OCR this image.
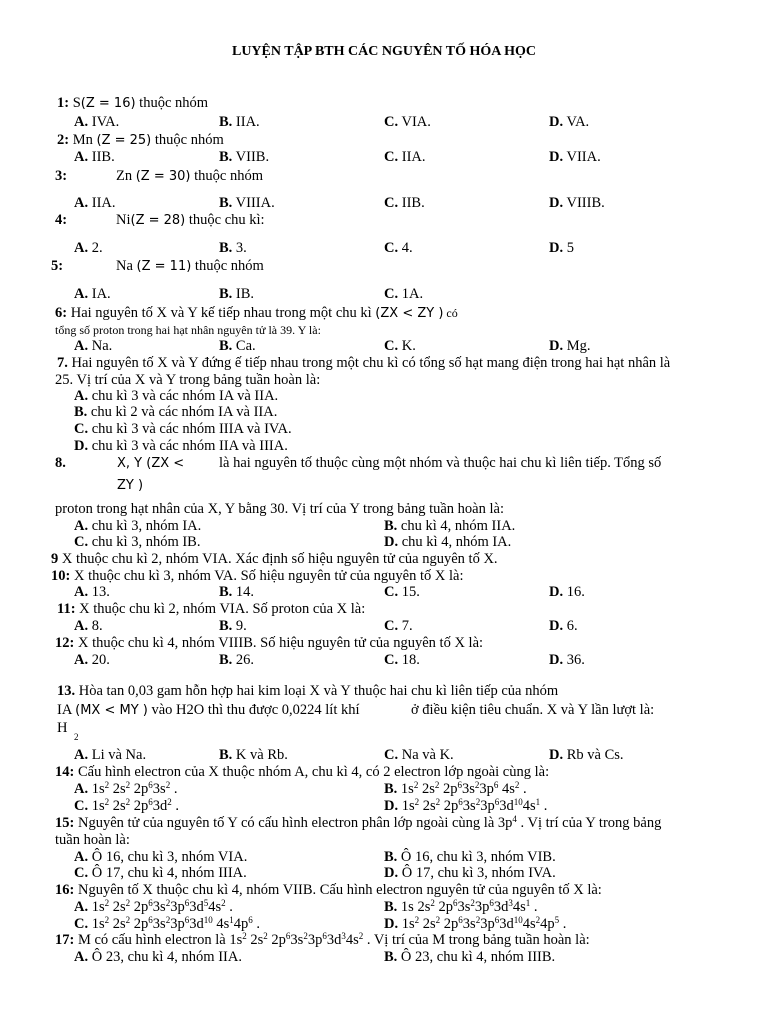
LUYỆN TẬP BTH CÁC NGUYÊN TỐ HÓA HỌC
1: S(Z = 16) thuộc nhóm
A. IVA.	B. IIA.	C. VIA.	D. VA.
2: Mn (Z = 25) thuộc nhóm
A. IIB.	B. VIIB.	C. IIA.	D. VIIA.
3:	Zn (Z = 30) thuộc nhóm
A. IIA.	B. VIIIA.	C. IIB.	D. VIIIB.
4:	Ni(Z = 28) thuộc chu kì:
A. 2.	B. 3.	C. 4.	D. 5
5:	Na (Z = 11) thuộc nhóm
A. IA.	B. IB.	C. 1A.
6: Hai nguyên tố X và Y kế tiếp nhau trong một chu kì (ZX < ZY ) có
tổng số proton trong hai hạt nhân nguyên tử là 39. Y là:
A. Na.	B. Ca.	C. K.	D. Mg.
7. Hai nguyên tố X và Y đứng ế tiếp nhau trong một chu kì có tổng số hạt mang điện trong hai hạt nhân là
25. Vị trí của X và Y trong bảng tuần hoàn là:
A. chu kì 3 và các nhóm IA và IIA.
B. chu kì 2 và các nhóm IA và IIA.
C. chu kì 3 và các nhóm IIIA và IVA.
D. chu kì 3 và các nhóm IIA và IIIA.
8.	X, Y (ZX <
ZY )
là hai nguyên tố thuộc cùng một nhóm và thuộc hai chu kì liên tiếp. Tổng số
proton trong hạt nhân của X, Y bằng 30. Vị trí của Y trong bảng tuần hoàn là:
A. chu kì 3, nhóm IA.	B. chu kì 4, nhóm IIA.
C. chu kì 3, nhóm IB.	D. chu kì 4, nhóm IA.
9 X thuộc chu kì 2, nhóm VIA. Xác định số hiệu nguyên tử của nguyên tố X.
10: X thuộc chu kì 3, nhóm VA. Số hiệu nguyên tử của nguyên tố X là:
A. 13.	B. 14.	C. 15.	D. 16.
11: X thuộc chu kì 2, nhóm VIA. Số proton của X là:
A. 8.	B. 9.	C. 7.	D. 6.
12: X thuộc chu kì 4, nhóm VIIIB. Số hiệu nguyên tử của nguyên tố X là:
A. 20.	B. 26.	C. 18.	D. 36.
13. Hòa tan 0,03 gam hỗn hợp hai kim loại X và Y thuộc hai chu kì liên tiếp của nhóm
IA (MX < MY ) vào H2O thì thu được 0,0224 lít khí	ở điều kiện tiêu chuẩn. X và Y lần lượt là:
H
2
A. Li và Na.	B. K và Rb.	C. Na và K.	D. Rb và Cs.
14: Cấu hình electron của X thuộc nhóm A, chu kì 4, có 2 electron lớp ngoài cùng là:
A. $1s^2$ $2s^2$ $2p^63s^2$ .	B. $1s^2$ $2s^2$ $2p^63s^23p^6$ $4s^2$ .
C. $1s^2$ $2s^2$ $2p^63d^2$ .	D. $1s^2$ $2s^2$ $2p^63s^23p^63d^{10}4s^1$ .
15: Nguyên tử của nguyên tố Y có cấu hình electron phân lớp ngoài cùng là $3p^4$ . Vị trí của Y trong bảng
tuần hoàn là:
A. Ô 16, chu kì 3, nhóm VIA.	B. Ô 16, chu kì 3, nhóm VIB.
C. Ô 17, chu kì 4, nhóm IIIA.	D. Ô 17, chu kì 3, nhóm IVA.
16: Nguyên tố X thuộc chu kì 4, nhóm VIIB. Cấu hình electron nguyên tử của nguyên tố X là:
A. $1s^2$ $2s^2$ $2p^63s^23p^63d^54s^2$ .	B. 1s $2s^2$ $2p^63s^23p^63d^34s^1$ .
C. $1s^2$ $2s^2$ $2p^63s^23p^63d^{10}$ $4s^14p^6$ .	D. $1s^2$ $2s^2$ $2p^63s^23p^63d^{10}4s^24p^5$ .
17: M có cấu hình electron là $1s^2$ $2s^2$ $2p^63s^23p^63d^34s^2$ . Vị trí của M trong bảng tuần hoàn là:
A. Ô 23, chu kì 4, nhóm IIA.	B. Ô 23, chu kì 4, nhóm IIIB.
